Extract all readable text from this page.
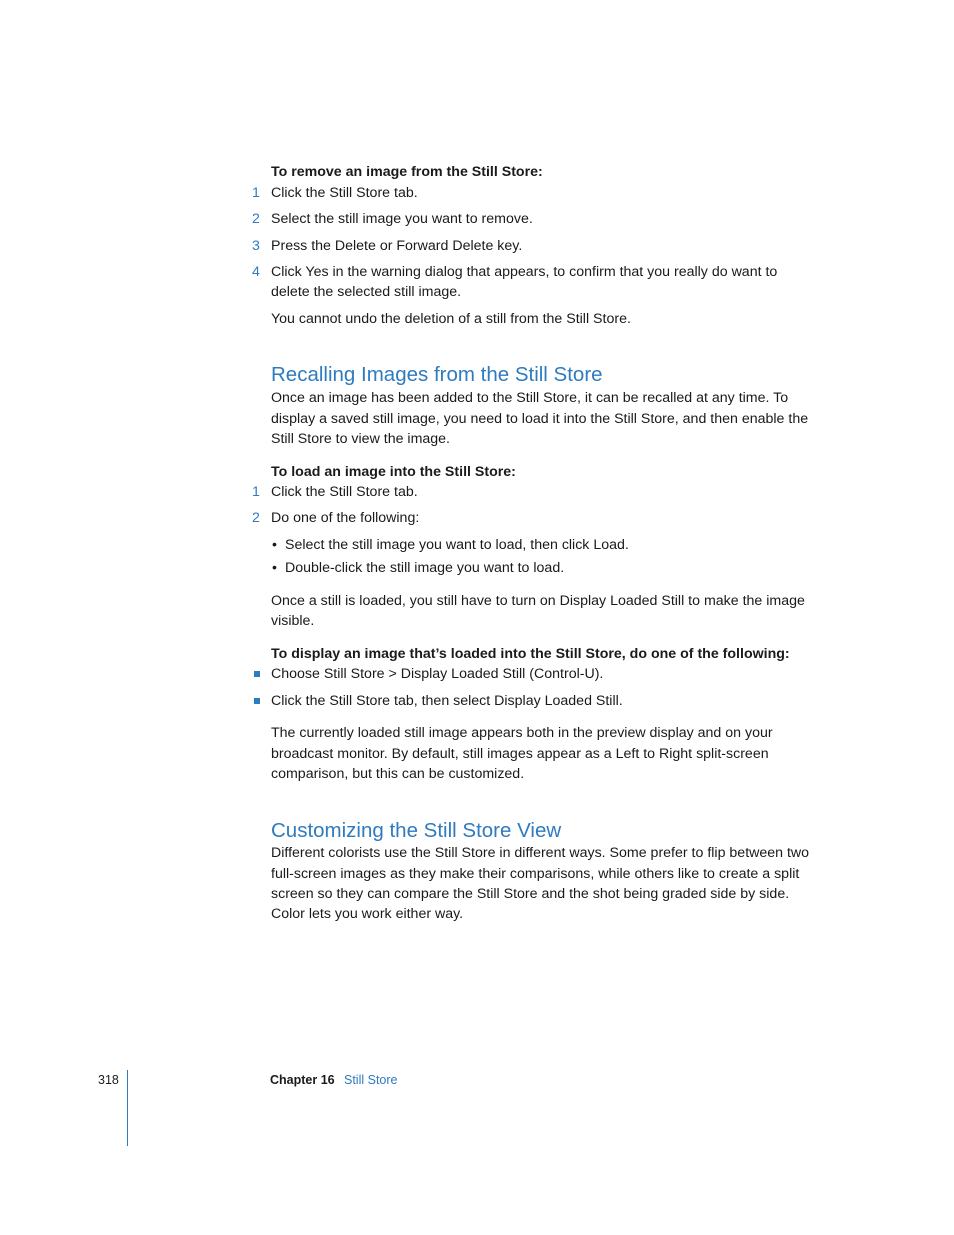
To remove an image from the Still Store:
1 Click the Still Store tab.
2 Select the still image you want to remove.
3 Press the Delete or Forward Delete key.
4 Click Yes in the warning dialog that appears, to confirm that you really do want to
delete the selected still image.
You cannot undo the deletion of a still from the Still Store.
Recalling Images from the Still Store
Once an image has been added to the Still Store, it can be recalled at any time. To
display a saved still image, you need to load it into the Still Store, and then enable the
Still Store to view the image.
To load an image into the Still Store:
1 Click the Still Store tab.
2 Do one of the following:
• Select the still image you want to load, then click Load.
• Double-click the still image you want to load.
Once a still is loaded, you still have to turn on Display Loaded Still to make the image
visible.
To display an image that’s loaded into the Still Store, do one of the following:
Choose Still Store > Display Loaded Still (Control-U).
Click the Still Store tab, then select Display Loaded Still.
The currently loaded still image appears both in the preview display and on your
broadcast monitor. By default, still images appear as a Left to Right split-screen
comparison, but this can be customized.
Customizing the Still Store View
Different colorists use the Still Store in different ways. Some prefer to flip between two
full-screen images as they make their comparisons, while others like to create a split
screen so they can compare the Still Store and the shot being graded side by side.
Color lets you work either way.
318	Chapter 16 Still Store
